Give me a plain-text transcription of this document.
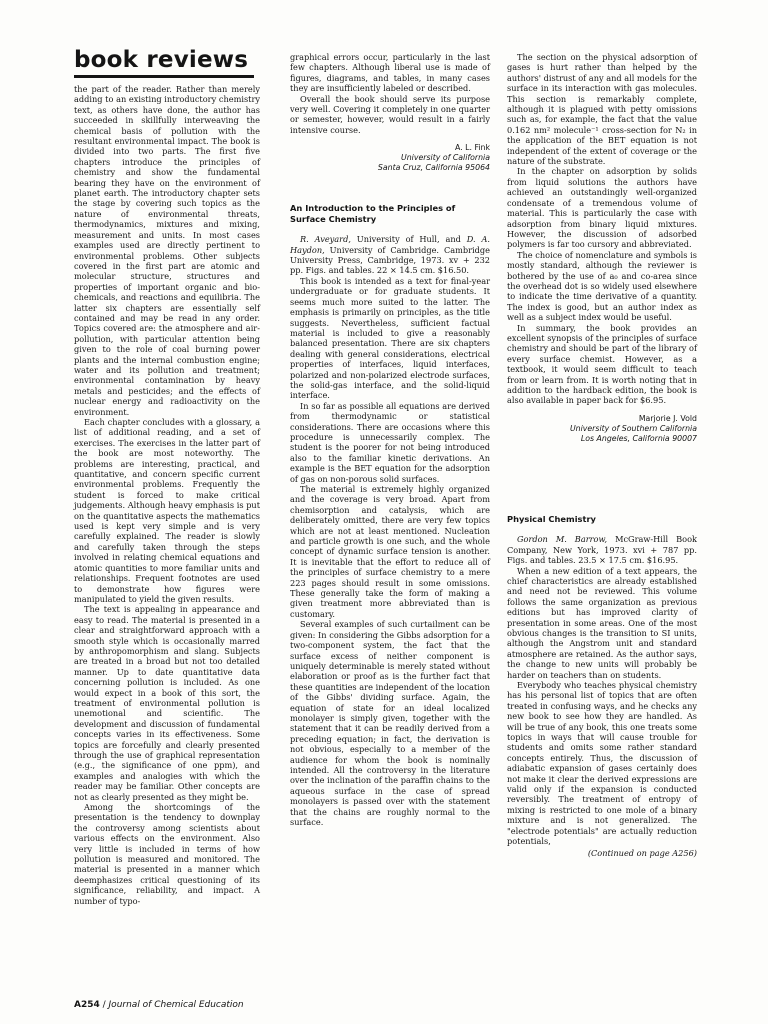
book reviews

the part of the reader. Rather than merely adding to an existing introductory chemistry text, as others have done, the author has succeeded in skillfully interweaving the chemical basis of pollution with the resultant environmental impact. The book is divided into two parts. The first five chapters introduce the principles of chemistry and show the fundamental bearing they have on the environment of planet earth. The introductory chapter sets the stage by covering such topics as the nature of environmental threats, thermodynamics, mixtures and mixing, measurement and units. In most cases examples used are directly pertinent to environmental problems. Other subjects covered in the first part are atomic and molecular structure, structures and properties of important organic and bio-chemicals, and reactions and equilibria. The latter six chapters are essentially self contained and may be read in any order. Topics covered are: the atmosphere and air-pollution, with particular attention being given to the role of coal burning power plants and the internal combustion engine; water and its pollution and treatment; environmental contamination by heavy metals and pesticides; and the effects of nuclear energy and radioactivity on the environment.

Each chapter concludes with a glossary, a list of additional reading, and a set of exercises. The exercises in the latter part of the book are most noteworthy. The problems are interesting, practical, and quantitative, and concern specific current environmental problems. Frequently the student is forced to make critical judgements. Although heavy emphasis is put on the quantitative aspects the mathematics used is kept very simple and is very carefully explained. The reader is slowly and carefully taken through the steps involved in relating chemical equations and atomic quantities to more familiar units and relationships. Frequent footnotes are used to demonstrate how figures were manipulated to yield the given results.

The text is appealing in appearance and easy to read. The material is presented in a clear and straightforward approach with a smooth style which is occasionally marred by anthropomorphism and slang. Subjects are treated in a broad but not too detailed manner. Up to date quantitative data concerning pollution is included. As one would expect in a book of this sort, the treatment of environmental pollution is unemotional and scientific. The development and discussion of fundamental concepts varies in its effectiveness. Some topics are forcefully and clearly presented through the use of graphical representation (e.g., the significance of one ppm), and examples and analogies with which the reader may be familiar. Other concepts are not as clearly presented as they might be.

Among the shortcomings of the presentation is the tendency to downplay the controversy among scientists about various effects on the environment. Also very little is included in terms of how pollution is measured and monitored. The material is presented in a manner which deemphasizes critical questioning of its significance, reliability, and impact. A number of typo-

graphical errors occur, particularly in the last few chapters. Although liberal use is made of figures, diagrams, and tables, in many cases they are insufficiently labeled or described.

Overall the book should serve its purpose very well. Covering it completely in one quarter or semester, however, would result in a fairly intensive course.

A. L. Fink
University of California
Santa Cruz, California 95064
An Introduction to the Principles of
Surface Chemistry

R. Aveyard, University of Hull, and D. A. Haydon, University of Cambridge. Cambridge University Press, Cambridge, 1973. xv + 232 pp. Figs. and tables. 22 × 14.5 cm. $16.50.

This book is intended as a text for final-year undergraduate or for graduate students. It seems much more suited to the latter. The emphasis is primarily on principles, as the title suggests. Nevertheless, sufficient factual material is included to give a reasonably balanced presentation. There are six chapters dealing with general considerations, electrical properties of interfaces, liquid interfaces, polarized and non-polarized electrode surfaces, the solid-gas interface, and the solid-liquid interface.

In so far as possible all equations are derived from thermodynamic or statistical considerations. There are occasions where this procedure is unnecessarily complex. The student is the poorer for not being introduced also to the familiar kinetic derivations. An example is the BET equation for the adsorption of gas on non-porous solid surfaces.

The material is extremely highly organized and the coverage is very broad. Apart from chemisorption and catalysis, which are deliberately omitted, there are very few topics which are not at least mentioned. Nucleation and particle growth is one such, and the whole concept of dynamic surface tension is another. It is inevitable that the effort to reduce all of the principles of surface chemistry to a mere 223 pages should result in some omissions. These generally take the form of making a given treatment more abbreviated than is customary.

Several examples of such curtailment can be given: In considering the Gibbs adsorption for a two-component system, the fact that the surface excess of neither component is uniquely determinable is merely stated without elaboration or proof as is the further fact that these quantities are independent of the location of the Gibbs' dividing surface. Again, the equation of state for an ideal localized monolayer is simply given, together with the statement that it can be readily derived from a preceding equation; in fact, the derivation is not obvious, especially to a member of the audience for whom the book is nominally intended. All the controversy in the literature over the inclination of the paraffin chains to the aqueous surface in the case of spread monolayers is passed over with the statement that the chains are roughly normal to the surface.

The section on the physical adsorption of gases is hurt rather than helped by the authors' distrust of any and all models for the surface in its interaction with gas molecules. This section is remarkably complete, although it is plagued with petty omissions such as, for example, the fact that the value 0.162 nm² molecule⁻¹ cross-section for N₂ in the application of the BET equation is not independent of the extent of coverage or the nature of the substrate.

In the chapter on adsorption by solids from liquid solutions the authors have achieved an outstandingly well-organized condensate of a tremendous volume of material. This is particularly the case with adsorption from binary liquid mixtures. However, the discussion of adsorbed polymers is far too cursory and abbreviated.

The choice of nomenclature and symbols is mostly standard, although the reviewer is bothered by the use of a₀ and co-area since the overhead dot is so widely used elsewhere to indicate the time derivative of a quantity. The index is good, but an author index as well as a subject index would be useful.

In summary, the book provides an excellent synopsis of the principles of surface chemistry and should be part of the library of every surface chemist. However, as a textbook, it would seem difficult to teach from or learn from. It is worth noting that in addition to the hardback edition, the book is also available in paper back for $6.95.

Marjorie J. Vold
University of Southern California
Los Angeles, California 90007
Physical Chemistry

Gordon M. Barrow, McGraw-Hill Book Company, New York, 1973. xvi + 787 pp. Figs. and tables. 23.5 × 17.5 cm. $16.95.

When a new edition of a text appears, the chief characteristics are already established and need not be reviewed. This volume follows the same organization as previous editions but has improved clarity of presentation in some areas. One of the most obvious changes is the transition to SI units, although the Angstrom unit and standard atmosphere are retained. As the author says, the change to new units will probably be harder on teachers than on students.

Everybody who teaches physical chemistry has his personal list of topics that are often treated in confusing ways, and he checks any new book to see how they are handled. As will be true of any book, this one treats some topics in ways that will cause trouble for students and omits some rather standard concepts entirely. Thus, the discussion of adiabatic expansion of gases certainly does not make it clear the derived expressions are valid only if the expansion is conducted reversibly. The treatment of entropy of mixing is restricted to one mole of a binary mixture and is not generalized. The "electrode potentials" are actually reduction potentials,

(Continued on page A256)
A254 / Journal of Chemical Education
